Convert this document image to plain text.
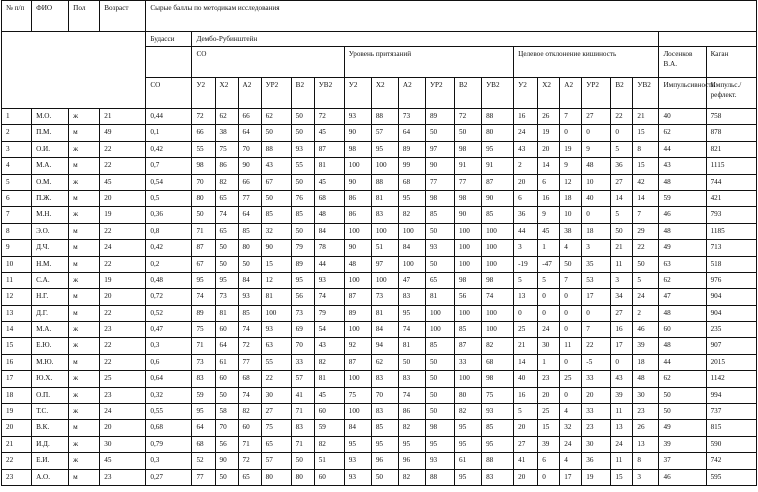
№ п/п	ФИО	Пол	Возраст	Сырые баллы по методикам исследования																				
				Будасси	Дембо-Рубинштейн																			
					СО						Уровень притязаний						Целевое отклонение кишиность						Лосенков В.А.	Каган
				СО	У2	Х2	А2	УР2	В2	УВ2	У2	Х2	А2	УР2	В2	УВ2	У2	Х2	А2	УР2	В2	УВ2	Импульсивность	Импульс./рефлект.
1	М.О.	ж	21	0,44	72	62	66	62	50	72	93	88	73	89	72	88	16	26	7	27	22	21	40	758
2	П.М.	м	49	0,1	66	38	64	50	50	45	90	57	64	50	50	80	24	19	0	0	0	15	62	878
3	О.И.	ж	22	0,42	55	75	70	88	93	87	98	95	89	97	98	95	43	20	19	9	5	8	44	821
4	М.А.	м	22	0,7	98	86	90	43	55	81	100	100	99	90	91	91	2	14	9	48	36	15	43	1115
5	О.М.	ж	45	0,54	70	82	66	67	50	45	90	88	68	77	77	87	20	6	12	10	27	42	48	744
6	П.Ж.	м	20	0,5	80	65	77	50	76	68	86	81	95	98	98	90	6	16	18	40	14	14	59	421
7	М.Н.	ж	19	0,36	50	74	64	85	85	48	86	83	82	85	90	85	36	9	10	0	5	7	46	793
8	Э.О.	м	22	0,8	71	65	85	32	50	84	100	100	100	50	100	100	44	45	38	18	50	29	48	1185
9	Д.Ч.	м	24	0,42	87	50	80	90	79	78	90	51	84	93	100	100	3	1	4	3	21	22	49	713
10	Н.М.	м	22	0,2	67	50	50	15	89	44	48	97	100	50	100	100	-19	-47	50	35	11	50	63	518
11	С.А.	ж	19	0,48	95	95	84	12	95	93	100	100	47	65	98	98	5	5	7	53	3	5	62	976
12	Н.Г.	м	20	0,72	74	73	93	81	56	74	87	73	83	81	56	74	13	0	0	17	34	24	47	904
13	Д.Г.	м	22	0,52	89	81	85	100	73	79	89	81	95	100	100	100	0	0	0	0	27	2	48	904
14	М.А.	ж	23	0,47	75	60	74	93	69	54	100	84	74	100	85	100	25	24	0	7	16	46	60	235
15	Е.Ю.	ж	22	0,3	71	64	72	63	70	43	92	94	81	85	87	82	21	30	11	22	17	39	48	907
16	М.Ю.	м	22	0,6	73	61	77	55	33	82	87	62	50	50	33	68	14	1	0	-5	0	18	44	2015
17	Ю.Х.	ж	25	0,64	83	60	68	22	57	81	100	83	83	50	100	98	40	23	25	33	43	48	62	1142
18	О.П.	ж	23	0,32	59	50	74	30	41	45	75	70	74	50	80	75	16	20	0	20	39	30	50	994
19	Т.С.	ж	24	0,55	95	58	82	27	71	60	100	83	86	50	82	93	5	25	4	33	11	23	50	737
20	В.К.	м	20	0,68	64	70	60	75	83	59	84	85	82	98	95	85	20	15	32	23	13	26	49	815
21	И.Д.	ж	30	0,79	68	56	71	65	71	82	95	95	95	95	95	95	27	39	24	30	24	13	39	590
22	Е.И.	ж	45	0,3	52	90	72	57	50	51	93	96	96	93	61	88	41	6	4	36	11	8	37	742
23	А.О.	м	23	0,27	77	50	65	80	80	60	93	50	82	88	95	83	20	0	17	19	15	3	46	595
